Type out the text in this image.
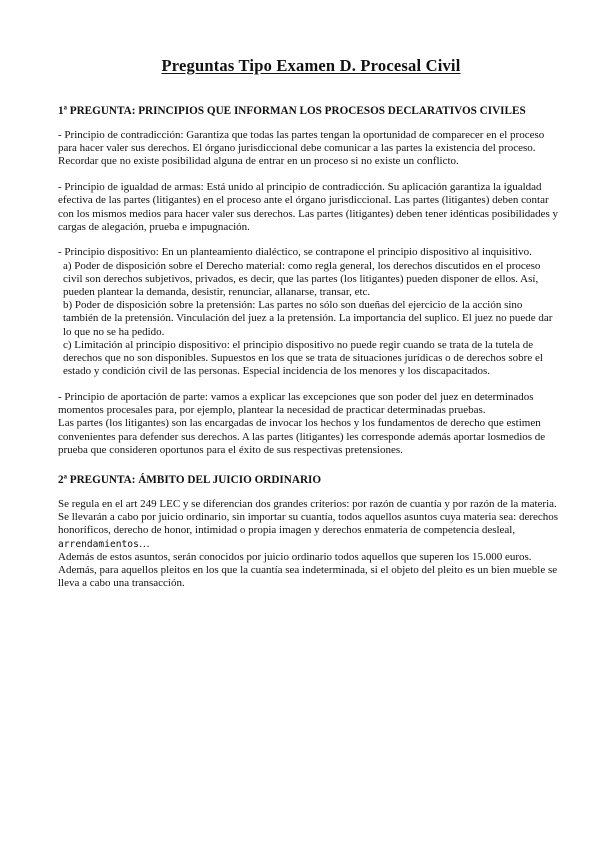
Preguntas Tipo Examen D. Procesal Civil
1ª PREGUNTA: PRINCIPIOS QUE INFORMAN LOS PROCESOS DECLARATIVOS CIVILES

- Principio de contradicción: Garantiza que todas las partes tengan la oportunidad de comparecer en el proceso para hacer valer sus derechos. El órgano jurisdiccional debe comunicar a las partes la existencia del proceso. Recordar que no existe posibilidad alguna de entrar en un proceso si no existe un conflicto.

- Principio de igualdad de armas: Está unido al principio de contradicción. Su aplicación garantiza la igualdad efectiva de las partes (litigantes) en el proceso ante el órgano jurisdiccional. Las partes (litigantes) deben contar con los mismos medios para hacer valer sus derechos. Las partes (litigantes) deben tener idénticas posibilidades y cargas de alegación, prueba e impugnación.

- Principio dispositivo: En un planteamiento dialéctico, se contrapone el principio dispositivo al inquisitivo.

a) Poder de disposición sobre el Derecho material: como regla general, los derechos discutidos en el proceso civil son derechos subjetivos, privados, es decir, que las partes (los litigantes) pueden disponer de ellos. Así, pueden plantear la demanda, desistir, renunciar, allanarse, transar, etc.

b) Poder de disposición sobre la pretensión: Las partes no sólo son dueñas del ejercicio de la acción sino también de la pretensión. Vinculación del juez a la pretensión. La importancia del suplico. El juez no puede dar lo que no se ha pedido.

c) Limitación al principio dispositivo: el principio dispositivo no puede regir cuando se trata de la tutela de derechos que no son disponibles. Supuestos en los que se trata de situaciones jurídicas o de derechos sobre el estado y condición civil de las personas. Especial incidencia de los menores y los discapacitados.

- Principio de aportación de parte: vamos a explicar las excepciones que son poder del juez en determinados momentos procesales para, por ejemplo, plantear la necesidad de practicar determinadas pruebas.

Las partes (los litigantes) son las encargadas de invocar los hechos y los fundamentos de derecho que estimen convenientes para defender sus derechos. A las partes (litigantes) les corresponde además aportar losmedios de prueba que consideren oportunos para el éxito de sus respectivas pretensiones.

2ª PREGUNTA: ÁMBITO DEL JUICIO ORDINARIO

Se regula en el art 249 LEC y se diferencian dos grandes criterios: por razón de cuantía y por razón de la materia.

Se llevarán a cabo por juicio ordinario, sin importar su cuantía, todos aquellos asuntos cuya materia sea: derechos honoríficos, derecho de honor, intimidad o propia imagen y derechos enmateria de competencia desleal, arrendamientos…

Además de estos asuntos, serán conocidos por juicio ordinario todos aquellos que superen los 15.000 euros. Además, para aquellos pleitos en los que la cuantía sea indeterminada, si el objeto del pleito es un bien mueble se lleva a cabo una transacción.
